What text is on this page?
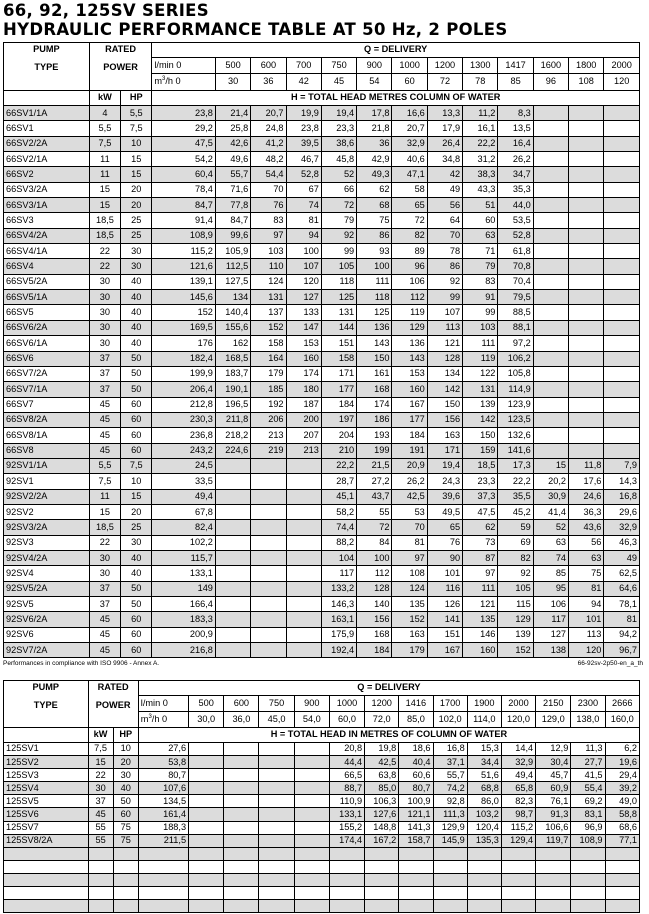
66, 92, 125SV SERIES
HYDRAULIC PERFORMANCE TABLE AT 50 Hz, 2 POLES
PUMP

TYPE	RATED

POWER		Q = DELIVERY												
			l/min 0	500	600	700	750	900	1000	1200	1300	1417	1600	1800	2000
			$m^3/h$ 0	30	36	42	45	54	60	72	78	85	96	108	120
	kW	HP	H = TOTAL HEAD METRES COLUMN OF WATER												
66SV1/1A	4	5,5	23,8	21,4	20,7	19,9	19,4	17,8	16,6	13,3	11,2	8,3			
66SV1	5,5	7,5	29,2	25,8	24,8	23,8	23,3	21,8	20,7	17,9	16,1	13,5			
66SV2/2A	7,5	10	47,5	42,6	41,2	39,5	38,6	36	32,9	26,4	22,2	16,4			
66SV2/1A	11	15	54,2	49,6	48,2	46,7	45,8	42,9	40,6	34,8	31,2	26,2			
66SV2	11	15	60,4	55,7	54,4	52,8	52	49,3	47,1	42	38,3	34,7			
66SV3/2A	15	20	78,4	71,6	70	67	66	62	58	49	43,3	35,3			
66SV3/1A	15	20	84,7	77,8	76	74	72	68	65	56	51	44,0			
66SV3	18,5	25	91,4	84,7	83	81	79	75	72	64	60	53,5			
66SV4/2A	18,5	25	108,9	99,6	97	94	92	86	82	70	63	52,8			
66SV4/1A	22	30	115,2	105,9	103	100	99	93	89	78	71	61,8			
66SV4	22	30	121,6	112,5	110	107	105	100	96	86	79	70,8			
66SV5/2A	30	40	139,1	127,5	124	120	118	111	106	92	83	70,4			
66SV5/1A	30	40	145,6	134	131	127	125	118	112	99	91	79,5			
66SV5	30	40	152	140,4	137	133	131	125	119	107	99	88,5			
66SV6/2A	30	40	169,5	155,6	152	147	144	136	129	113	103	88,1			
66SV6/1A	30	40	176	162	158	153	151	143	136	121	111	97,2			
66SV6	37	50	182,4	168,5	164	160	158	150	143	128	119	106,2			
66SV7/2A	37	50	199,9	183,7	179	174	171	161	153	134	122	105,8			
66SV7/1A	37	50	206,4	190,1	185	180	177	168	160	142	131	114,9			
66SV7	45	60	212,8	196,5	192	187	184	174	167	150	139	123,9			
66SV8/2A	45	60	230,3	211,8	206	200	197	186	177	156	142	123,5			
66SV8/1A	45	60	236,8	218,2	213	207	204	193	184	163	150	132,6			
66SV8	45	60	243,2	224,6	219	213	210	199	191	171	159	141,6			
92SV1/1A	5,5	7,5	24,5				22,2	21,5	20,9	19,4	18,5	17,3	15	11,8	7,9
92SV1	7,5	10	33,5				28,7	27,2	26,2	24,3	23,3	22,2	20,2	17,6	14,3
92SV2/2A	11	15	49,4				45,1	43,7	42,5	39,6	37,3	35,5	30,9	24,6	16,8
92SV2	15	20	67,8				58,2	55	53	49,5	47,5	45,2	41,4	36,3	29,6
92SV3/2A	18,5	25	82,4				74,4	72	70	65	62	59	52	43,6	32,9
92SV3	22	30	102,2				88,2	84	81	76	73	69	63	56	46,3
92SV4/2A	30	40	115,7				104	100	97	90	87	82	74	63	49
92SV4	30	40	133,1				117	112	108	101	97	92	85	75	62,5
92SV5/2A	37	50	149				133,2	128	124	116	111	105	95	81	64,6
92SV5	37	50	166,4				146,3	140	135	126	121	115	106	94	78,1
92SV6/2A	45	60	183,3				163,1	156	152	141	135	129	117	101	81
92SV6	45	60	200,9				175,9	168	163	151	146	139	127	113	94,2
92SV7/2A	45	60	216,8				192,4	184	179	167	160	152	138	120	96,7
Performances in compliance with ISO 9906 - Annex A.	66-92sv-2p50-en_a_th
PUMP

TYPE	RATED

POWER		Q = DELIVERY													
			l/min 0	500	600	750	900	1000	1200	1416	1700	1900	2000	2150	2300	2666
			$m^3/h$ 0	30,0	36,0	45,0	54,0	60,0	72,0	85,0	102,0	114,0	120,0	129,0	138,0	160,0
	kW	HP	H = TOTAL HEAD IN METRES OF COLUMN OF WATER													
125SV1	7,5	10	27,6					20,8	19,8	18,6	16,8	15,3	14,4	12,9	11,3	6,2
125SV2	15	20	53,8					44,4	42,5	40,4	37,1	34,4	32,9	30,4	27,7	19,6
125SV3	22	30	80,7					66,5	63,8	60,6	55,7	51,6	49,4	45,7	41,5	29,4
125SV4	30	40	107,6					88,7	85,0	80,7	74,2	68,8	65,8	60,9	55,4	39,2
125SV5	37	50	134,5					110,9	106,3	100,9	92,8	86,0	82,3	76,1	69,2	49,0
125SV6	45	60	161,4					133,1	127,6	121,1	111,3	103,2	98,7	91,3	83,1	58,8
125SV7	55	75	188,3					155,2	148,8	141,3	129,9	120,4	115,2	106,6	96,9	68,6
125SV8/2A	55	75	211,5					174,4	167,2	158,7	145,9	135,3	129,4	119,7	108,9	77,1
